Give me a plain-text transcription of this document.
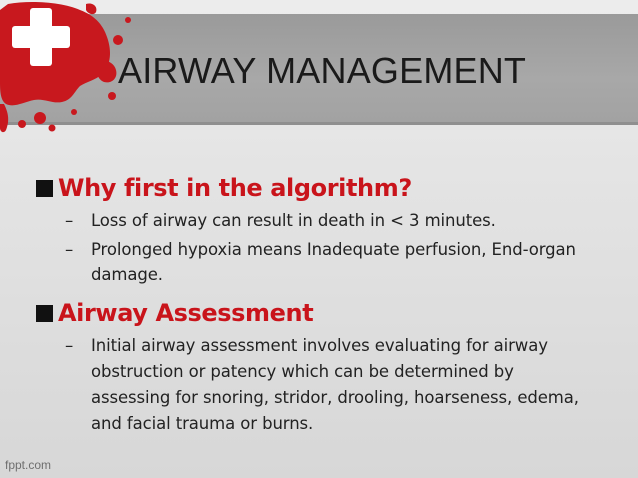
AIRWAY MANAGEMENT
Why first in the algorithm?
– Loss of airway can result in death in < 3 minutes.
– Prolonged hypoxia means Inadequate perfusion, End-organ damage.
Airway Assessment
– Initial airway assessment involves evaluating for airway obstruction or patency which can be determined by assessing for snoring, stridor, drooling, hoarseness, edema, and facial trauma or burns.
fppt.com
